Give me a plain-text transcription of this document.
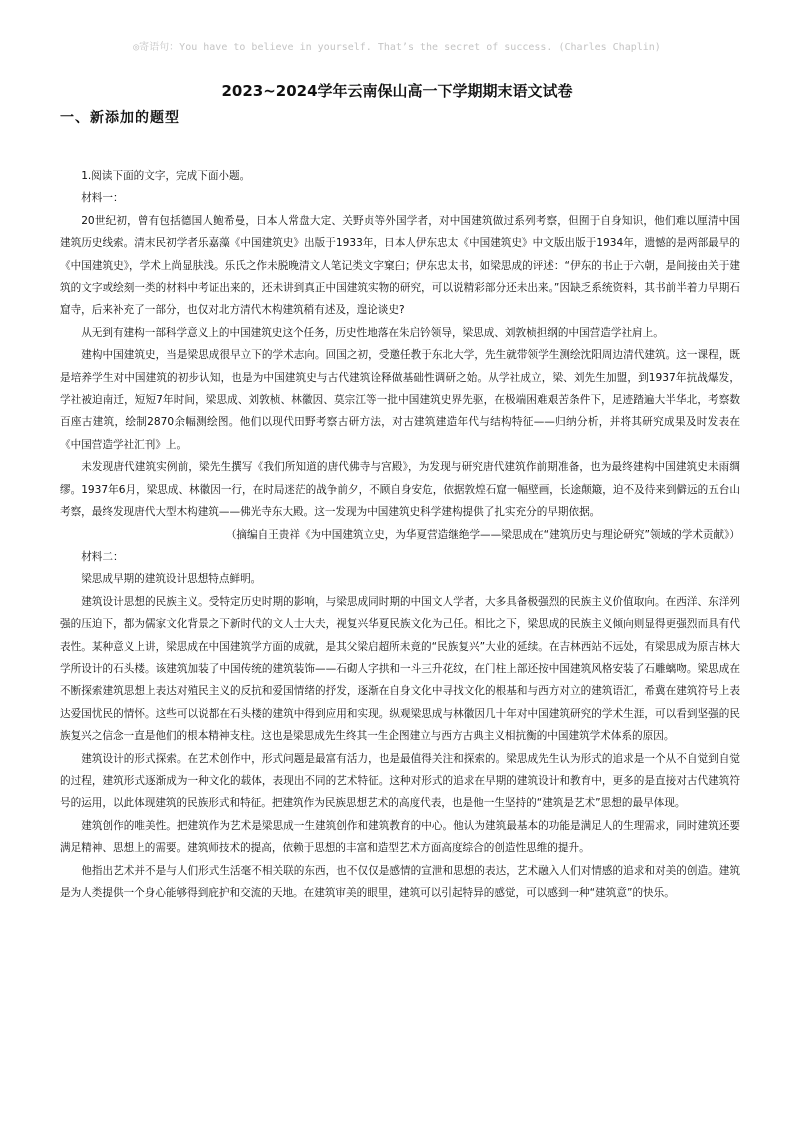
◎寄语句：You have to believe in yourself. That’s the secret of success. (Charles Chaplin)
2023~2024学年云南保山高一下学期期末语文试卷
一、新添加的题型

1.阅读下面的文字，完成下面小题。

材料一：

20世纪初，曾有包括德国人鲍希曼，日本人常盘大定、关野贞等外国学者，对中国建筑做过系列考察，但囿于自身知识，他们难以厘清中国建筑历史线索。清末民初学者乐嘉藻《中国建筑史》出版于1933年，日本人伊东忠太《中国建筑史》中文版出版于1934年，遗憾的是两部最早的《中国建筑史》，学术上尚显肤浅。乐氏之作未脱晚清文人笔记类文字窠臼；伊东忠太书，如梁思成的评述：“伊东的书止于六朝，是间接由关于建筑的文字或绘刻一类的材料中考证出来的，还未讲到真正中国建筑实物的研究，可以说精彩部分还未出来。”因缺乏系统资料，其书前半着力早期石窟寺，后来补充了一部分，也仅对北方清代木构建筑稍有述及，遑论谈史?

从无到有建构一部科学意义上的中国建筑史这个任务，历史性地落在朱启钤领导，梁思成、刘敦桢担纲的中国营造学社肩上。

建构中国建筑史，当是梁思成很早立下的学术志向。回国之初，受邀任教于东北大学，先生就带领学生测绘沈阳周边清代建筑。这一课程，既是培养学生对中国建筑的初步认知，也是为中国建筑史与古代建筑诠释做基础性调研之始。从学社成立，梁、刘先生加盟，到1937年抗战爆发，学社被迫南迁，短短7年时间，梁思成、刘敦桢、林徽因、莫宗江等一批中国建筑史界先驱，在极端困难艰苦条件下，足迹踏遍大半华北，考察数百座古建筑，绘制2870余幅测绘图。他们以现代田野考察古研方法，对古建筑建造年代与结构特征——归纳分析，并将其研究成果及时发表在《中国营造学社汇刊》上。

未发现唐代建筑实例前，梁先生撰写《我们所知道的唐代佛寺与宫殿》，为发现与研究唐代建筑作前期准备，也为最终建构中国建筑史未雨绸缪。1937年6月，梁思成、林徽因一行，在时局迷茫的战争前夕，不顾自身安危，依据敦煌石窟一幅壁画，长途颠簸，迫不及待来到僻远的五台山考察，最终发现唐代大型木构建筑——佛光寺东大殿。这一发现为中国建筑史科学建构提供了扎实充分的早期依据。

（摘编自王贵祥《为中国建筑立史，为华夏营造继绝学——梁思成在“建筑历史与理论研究”领域的学术贡献》）

材料二：

梁思成早期的建筑设计思想特点鲜明。

建筑设计思想的民族主义。受特定历史时期的影响，与梁思成同时期的中国文人学者，大多具备极强烈的民族主义价值取向。在西洋、东洋列强的压迫下，都为儒家文化背景之下新时代的文人士大夫，视复兴华夏民族文化为己任。相比之下，梁思成的民族主义倾向则显得更强烈而具有代表性。某种意义上讲，梁思成在中国建筑学方面的成就，是其父梁启超所未竟的“民族复兴”大业的延续。在吉林西站不远处，有梁思成为原吉林大学所设计的石头楼。该建筑加装了中国传统的建筑装饰——石砌人字拱和一斗三升花纹，在门柱上部还按中国建筑风格安装了石雕螭吻。梁思成在不断探索建筑思想上表达对殖民主义的反抗和爱国情绪的抒发，逐渐在自身文化中寻找文化的根基和与西方对立的建筑语汇，希冀在建筑符号上表达爱国忧民的情怀。这些可以说都在石头楼的建筑中得到应用和实现。纵观梁思成与林徽因几十年对中国建筑研究的学术生涯，可以看到坚强的民族复兴之信念一直是他们的根本精神支柱。这也是梁思成先生终其一生企图建立与西方古典主义相抗衡的中国建筑学术体系的原因。

建筑设计的形式探索。在艺术创作中，形式问题是最富有活力，也是最值得关注和探索的。梁思成先生认为形式的追求是一个从不自觉到自觉的过程，建筑形式逐渐成为一种文化的载体，表现出不同的艺术特征。这种对形式的追求在早期的建筑设计和教育中，更多的是直接对古代建筑符号的运用，以此体现建筑的民族形式和特征。把建筑作为民族思想艺术的高度代表，也是他一生坚持的“建筑是艺术”思想的最早体现。

建筑创作的唯美性。把建筑作为艺术是梁思成一生建筑创作和建筑教育的中心。他认为建筑最基本的功能是满足人的生理需求，同时建筑还要满足精神、思想上的需要。建筑师技术的提高，依赖于思想的丰富和造型艺术方面高度综合的创造性思维的提升。

他指出艺术并不是与人们形式生活毫不相关联的东西，也不仅仅是感情的宣泄和思想的表达，艺术融入人们对情感的追求和对美的创造。建筑是为人类提供一个身心能够得到庇护和交流的天地。在建筑审美的眼里，建筑可以引起特异的感觉，可以感到一种“建筑意”的快乐。
